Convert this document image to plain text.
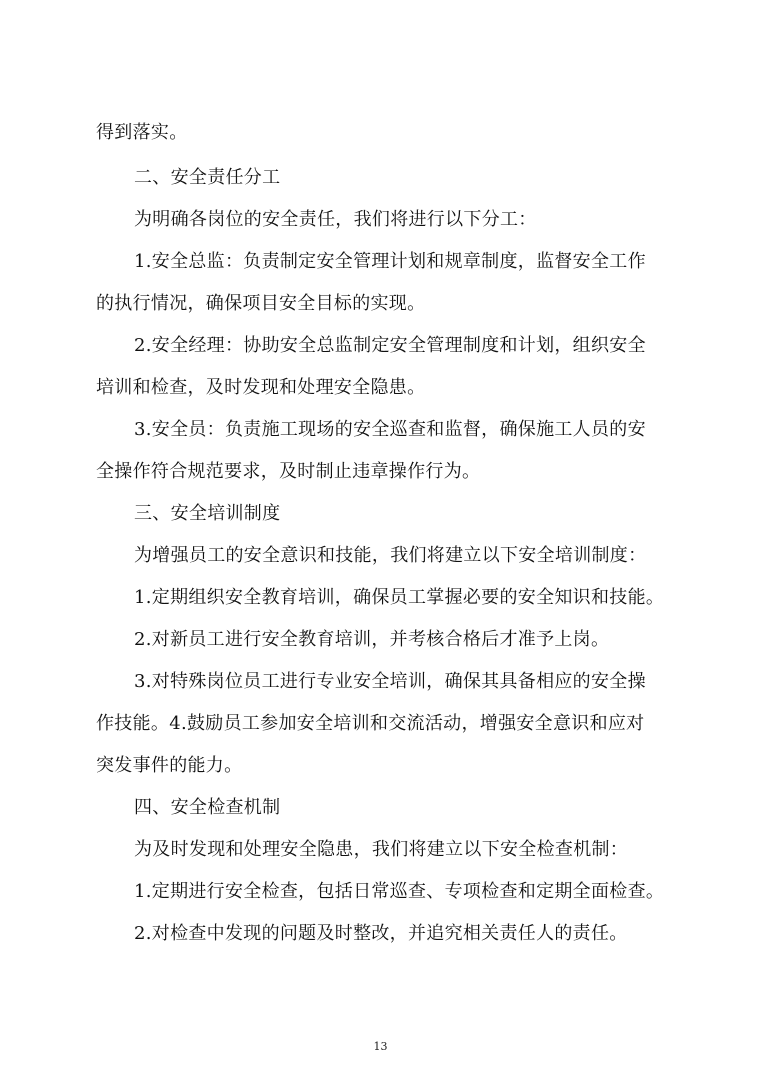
得到落实。
二、安全责任分工
为明确各岗位的安全责任，我们将进行以下分工：
1.安全总监：负责制定安全管理计划和规章制度，监督安全工作
的执行情况，确保项目安全目标的实现。
2.安全经理：协助安全总监制定安全管理制度和计划，组织安全
培训和检查，及时发现和处理安全隐患。
3.安全员：负责施工现场的安全巡查和监督，确保施工人员的安
全操作符合规范要求，及时制止违章操作行为。
三、安全培训制度
为增强员工的安全意识和技能，我们将建立以下安全培训制度：
1.定期组织安全教育培训，确保员工掌握必要的安全知识和技能。
2.对新员工进行安全教育培训，并考核合格后才准予上岗。
3.对特殊岗位员工进行专业安全培训，确保其具备相应的安全操
作技能。4.鼓励员工参加安全培训和交流活动，增强安全意识和应对
突发事件的能力。
四、安全检查机制
为及时发现和处理安全隐患，我们将建立以下安全检查机制：
1.定期进行安全检查，包括日常巡查、专项检查和定期全面检查。
2.对检查中发现的问题及时整改，并追究相关责任人的责任。
13
